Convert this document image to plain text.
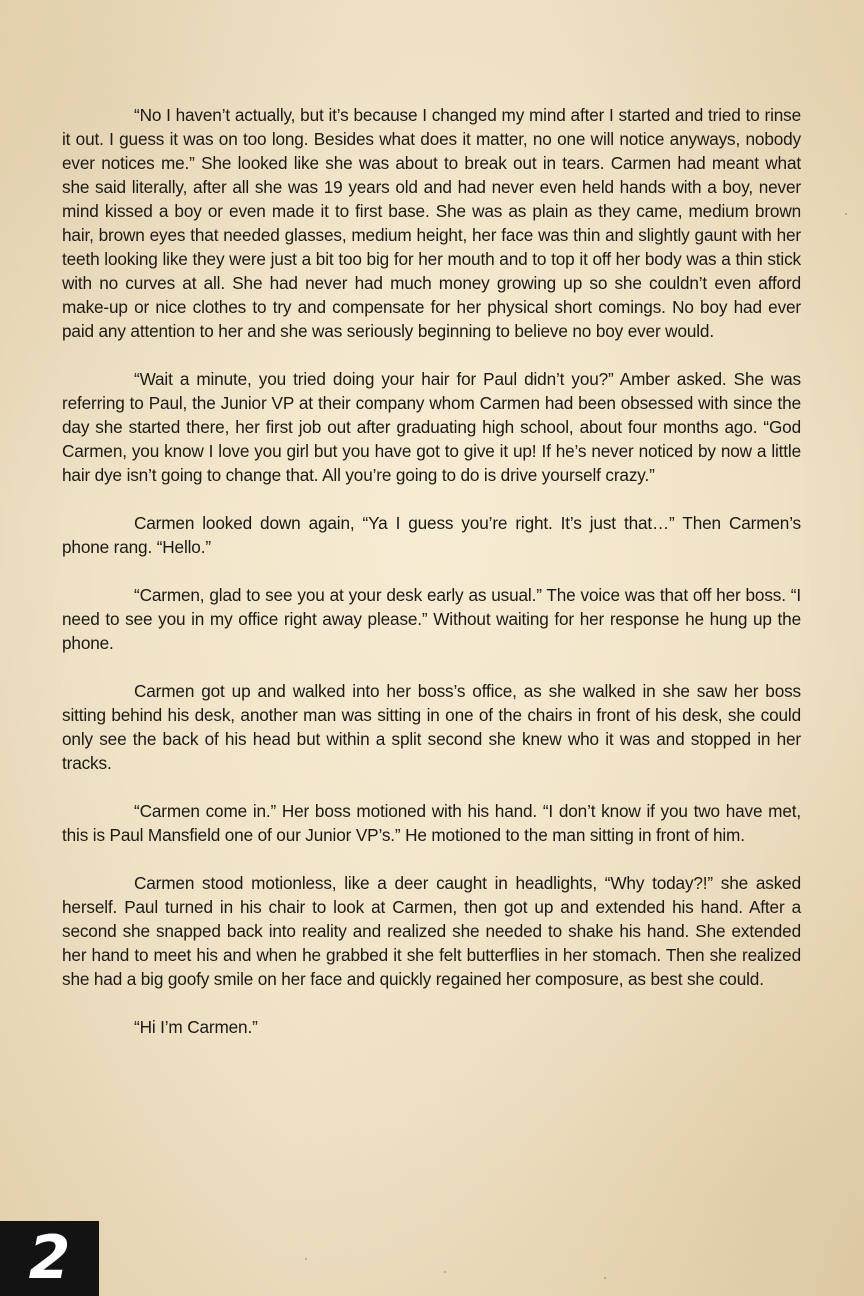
“No I haven’t actually, but it’s because I changed my mind after I started and tried to rinse it out. I guess it was on too long. Besides what does it matter, no one will notice anyways, nobody ever notices me.” She looked like she was about to break out in tears. Carmen had meant what she said literally, after all she was 19 years old and had never even held hands with a boy, never mind kissed a boy or even made it to first base. She was as plain as they came, medium brown hair, brown eyes that needed glasses, medium height, her face was thin and slightly gaunt with her teeth looking like they were just a bit too big for her mouth and to top it off her body was a thin stick with no curves at all. She had never had much money growing up so she couldn’t even afford make-up or nice clothes to try and compensate for her physical short comings. No boy had ever paid any attention to her and she was seriously beginning to believe no boy ever would.

“Wait a minute, you tried doing your hair for Paul didn’t you?” Amber asked. She was referring to Paul, the Junior VP at their company whom Carmen had been obsessed with since the day she started there, her first job out after graduating high school, about four months ago. “God Carmen, you know I love you girl but you have got to give it up! If he’s never noticed by now a little hair dye isn’t going to change that. All you’re going to do is drive yourself crazy.”

Carmen looked down again, “Ya I guess you’re right. It’s just that…” Then Carmen’s phone rang. “Hello.”

“Carmen, glad to see you at your desk early as usual.” The voice was that off her boss. “I need to see you in my office right away please.” Without waiting for her response he hung up the phone.

Carmen got up and walked into her boss’s office, as she walked in she saw her boss sitting behind his desk, another man was sitting in one of the chairs in front of his desk, she could only see the back of his head but within a split second she knew who it was and stopped in her tracks.

“Carmen come in.” Her boss motioned with his hand. “I don’t know if you two have met, this is Paul Mansfield one of our Junior VP’s.” He motioned to the man sitting in front of him.

Carmen stood motionless, like a deer caught in headlights, “Why today?!” she asked herself. Paul turned in his chair to look at Carmen, then got up and extended his hand. After a second she snapped back into reality and realized she needed to shake his hand. She extended her hand to meet his and when he grabbed it she felt butterflies in her stomach. Then she realized she had a big goofy smile on her face and quickly regained her composure, as best she could.

“Hi I’m Carmen.”

2
